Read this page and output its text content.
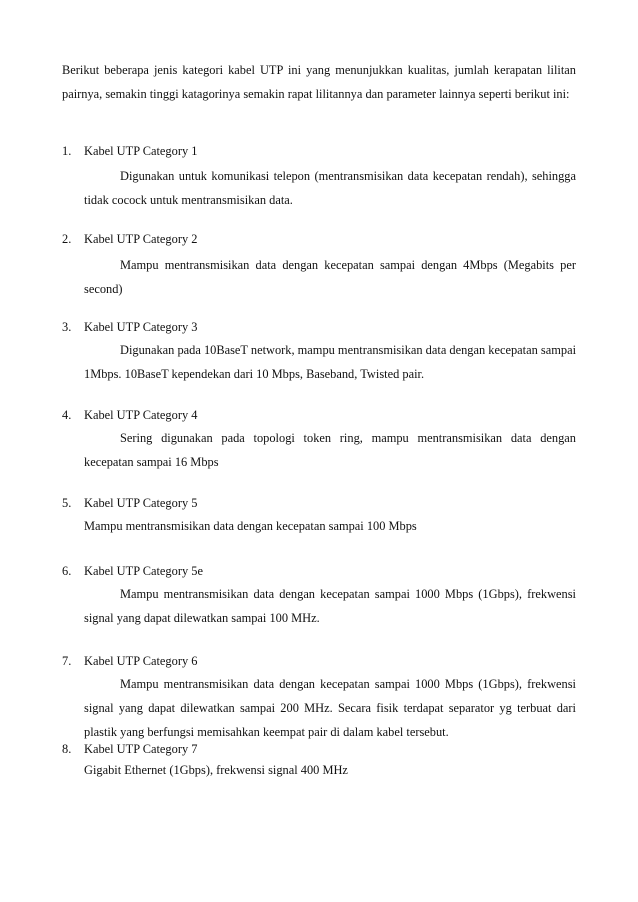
Berikut beberapa jenis kategori kabel UTP ini yang menunjukkan kualitas, jumlah kerapatan lilitan pairnya, semakin tinggi katagorinya semakin rapat lilitannya dan parameter lainnya seperti berikut ini:

1.	Kabel UTP Category 1
Digunakan untuk komunikasi telepon (mentransmisikan data kecepatan rendah), sehingga tidak cocock untuk mentransmisikan data.
2.	Kabel UTP Category 2
Mampu mentransmisikan data dengan kecepatan sampai dengan 4Mbps (Megabits per second)
3.	Kabel UTP Category 3
Digunakan pada 10BaseT network, mampu mentransmisikan data dengan kecepatan sampai 1Mbps. 10BaseT kependekan dari 10 Mbps, Baseband, Twisted pair.
4.	Kabel UTP Category 4
Sering digunakan pada topologi token ring, mampu mentransmisikan data dengan kecepatan sampai 16 Mbps
5.	Kabel UTP Category 5
Mampu mentransmisikan data dengan kecepatan sampai 100 Mbps
6.	Kabel UTP Category 5e
Mampu mentransmisikan data dengan kecepatan sampai 1000 Mbps (1Gbps), frekwensi signal yang dapat dilewatkan sampai 100 MHz.
7.	Kabel UTP Category 6
Mampu mentransmisikan data dengan kecepatan sampai 1000 Mbps (1Gbps), frekwensi signal yang dapat dilewatkan sampai 200 MHz. Secara fisik terdapat separator yg terbuat dari plastik yang berfungsi memisahkan keempat pair di dalam kabel tersebut.
8.	Kabel UTP Category 7
Gigabit Ethernet (1Gbps), frekwensi signal 400 MHz
